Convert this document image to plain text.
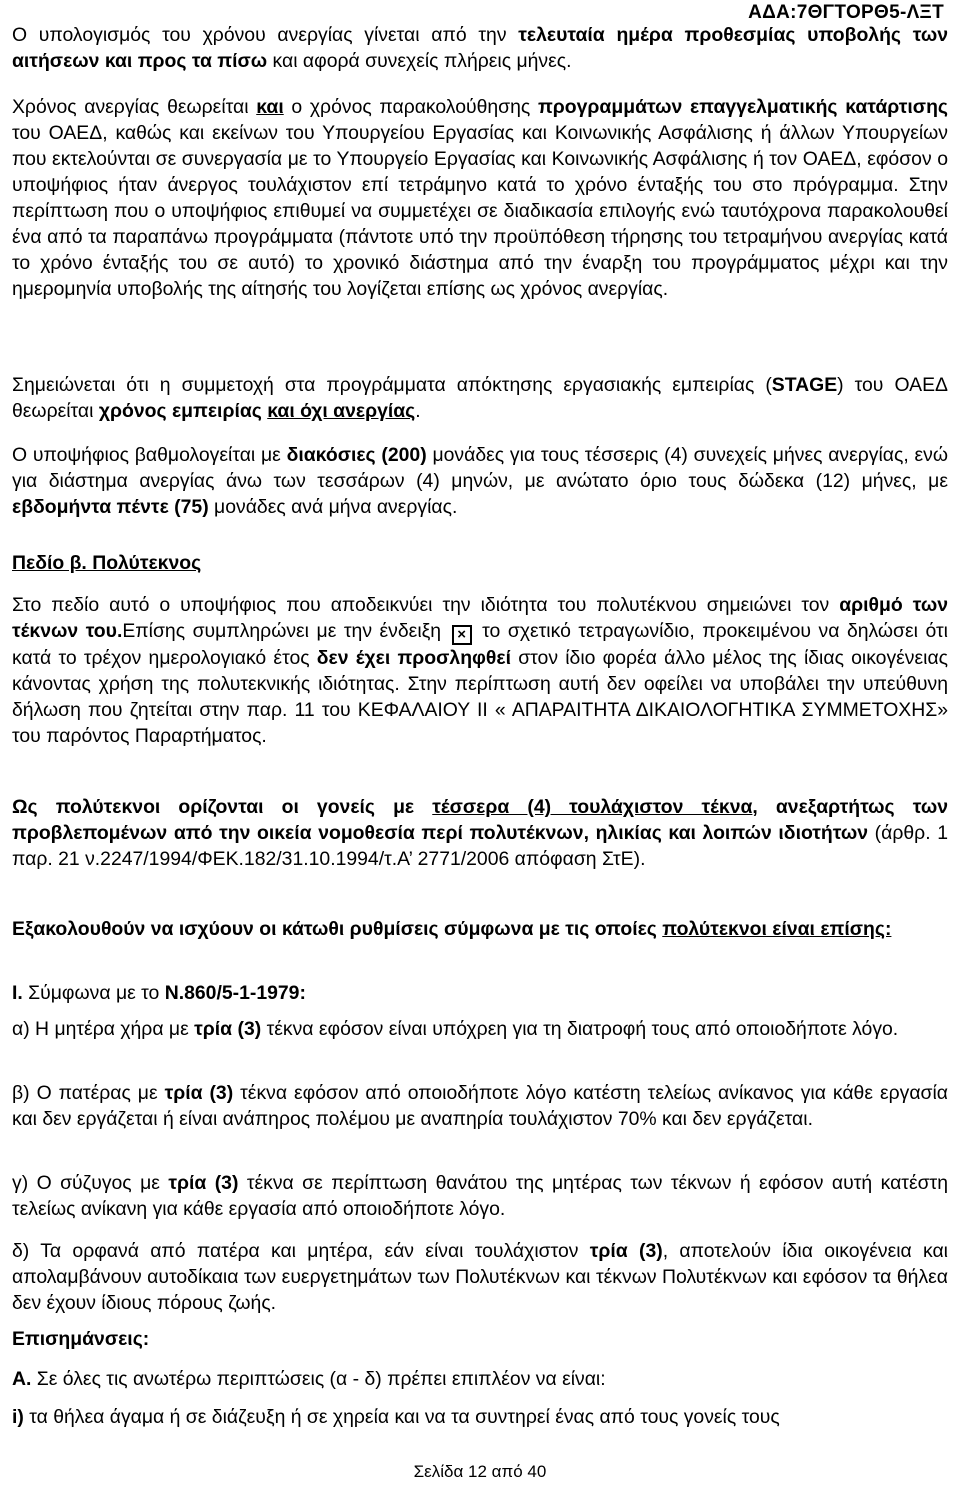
ΑΔΑ:7ΘΓΤΟΡΘ5-ΛΞΤ
Ο υπολογισμός του χρόνου ανεργίας γίνεται από την τελευταία ημέρα προθεσμίας υποβολής των αιτήσεων και προς τα πίσω και αφορά συνεχείς πλήρεις μήνες.
Χρόνος ανεργίας θεωρείται και ο χρόνος παρακολούθησης προγραμμάτων επαγγελματικής κατάρτισης του ΟΑΕΔ, καθώς και εκείνων του Υπουργείου Εργασίας και Κοινωνικής Ασφάλισης ή άλλων Υπουργείων που εκτελούνται σε συνεργασία με το Υπουργείο Εργασίας και Κοινωνικής Ασφάλισης ή τον ΟΑΕΔ, εφόσον ο υποψήφιος ήταν άνεργος τουλάχιστον επί τετράμηνο κατά το χρόνο ένταξής του στο πρόγραμμα. Στην περίπτωση που ο υποψήφιος επιθυμεί να συμμετέχει σε διαδικασία επιλογής ενώ ταυτόχρονα παρακολουθεί ένα από τα παραπάνω προγράμματα (πάντοτε υπό την προϋπόθεση τήρησης του τετραμήνου ανεργίας κατά το χρόνο ένταξής του σε αυτό) το χρονικό διάστημα από την έναρξη του προγράμματος μέχρι και την ημερομηνία υποβολής της αίτησής του λογίζεται επίσης ως χρόνος ανεργίας.
Σημειώνεται ότι η συμμετοχή στα προγράμματα απόκτησης εργασιακής εμπειρίας (STAGE) του ΟΑΕΔ θεωρείται χρόνος εμπειρίας και όχι ανεργίας.
Ο υποψήφιος βαθμολογείται με διακόσιες (200) μονάδες για τους τέσσερις (4) συνεχείς μήνες ανεργίας, ενώ για διάστημα ανεργίας άνω των τεσσάρων (4) μηνών, με ανώτατο όριο τους δώδεκα (12) μήνες, με εβδομήντα πέντε (75) μονάδες ανά μήνα ανεργίας.
Πεδίο β. Πολύτεκνος
Στο πεδίο αυτό ο υποψήφιος που αποδεικνύει την ιδιότητα του πολυτέκνου σημειώνει τον αριθμό των τέκνων του.Επίσης συμπληρώνει με την ένδειξη × το σχετικό τετραγωνίδιο, προκειμένου να δηλώσει ότι κατά το τρέχον ημερολογιακό έτος δεν έχει προσληφθεί στον ίδιο φορέα άλλο μέλος της ίδιας οικογένειας κάνοντας χρήση της πολυτεκνικής ιδιότητας. Στην περίπτωση αυτή δεν οφείλει να υποβάλει την υπεύθυνη δήλωση που ζητείται στην παρ. 11 του ΚΕΦΑΛΑΙΟΥ ΙΙ « ΑΠΑΡΑΙΤΗΤΑ ΔΙΚΑΙΟΛΟΓΗΤΙΚΑ ΣΥΜΜΕΤΟΧΗΣ» του παρόντος Παραρτήματος.
Ως πολύτεκνοι ορίζονται οι γονείς με τέσσερα (4) τουλάχιστον τέκνα, ανεξαρτήτως των προβλεπομένων από την οικεία νομοθεσία περί πολυτέκνων, ηλικίας και λοιπών ιδιοτήτων (άρθρ. 1 παρ. 21 ν.2247/1994/ΦΕΚ.182/31.10.1994/τ.Α’ 2771/2006 απόφαση ΣτΕ).
Εξακολουθούν να ισχύουν οι κάτωθι ρυθμίσεις σύμφωνα με τις οποίες πολύτεκνοι είναι επίσης:
Ι. Σύμφωνα με το Ν.860/5-1-1979:
α) Η μητέρα χήρα με τρία (3) τέκνα εφόσον είναι υπόχρεη για τη διατροφή τους από οποιοδήποτε λόγο.
β) Ο πατέρας με τρία (3) τέκνα εφόσον από οποιοδήποτε λόγο κατέστη τελείως ανίκανος για κάθε εργασία και δεν εργάζεται ή είναι ανάπηρος πολέμου με αναπηρία τουλάχιστον 70% και δεν εργάζεται.
γ) Ο σύζυγος με τρία (3) τέκνα σε περίπτωση θανάτου της μητέρας των τέκνων ή εφόσον αυτή κατέστη τελείως ανίκανη για κάθε εργασία από οποιοδήποτε λόγο.
δ) Τα ορφανά από πατέρα και μητέρα, εάν είναι τουλάχιστον τρία (3), αποτελούν ίδια οικογένεια και απολαμβάνουν αυτοδίκαια των ευεργετημάτων των Πολυτέκνων και τέκνων Πολυτέκνων και εφόσον τα θήλεα δεν έχουν ίδιους πόρους ζωής.
Επισημάνσεις:
Α. Σε όλες τις ανωτέρω περιπτώσεις (α - δ) πρέπει επιπλέον να είναι:
i) τα θήλεα άγαμα ή σε διάζευξη ή σε χηρεία και να τα συντηρεί ένας από τους γονείς τους
Σελίδα 12 από 40
